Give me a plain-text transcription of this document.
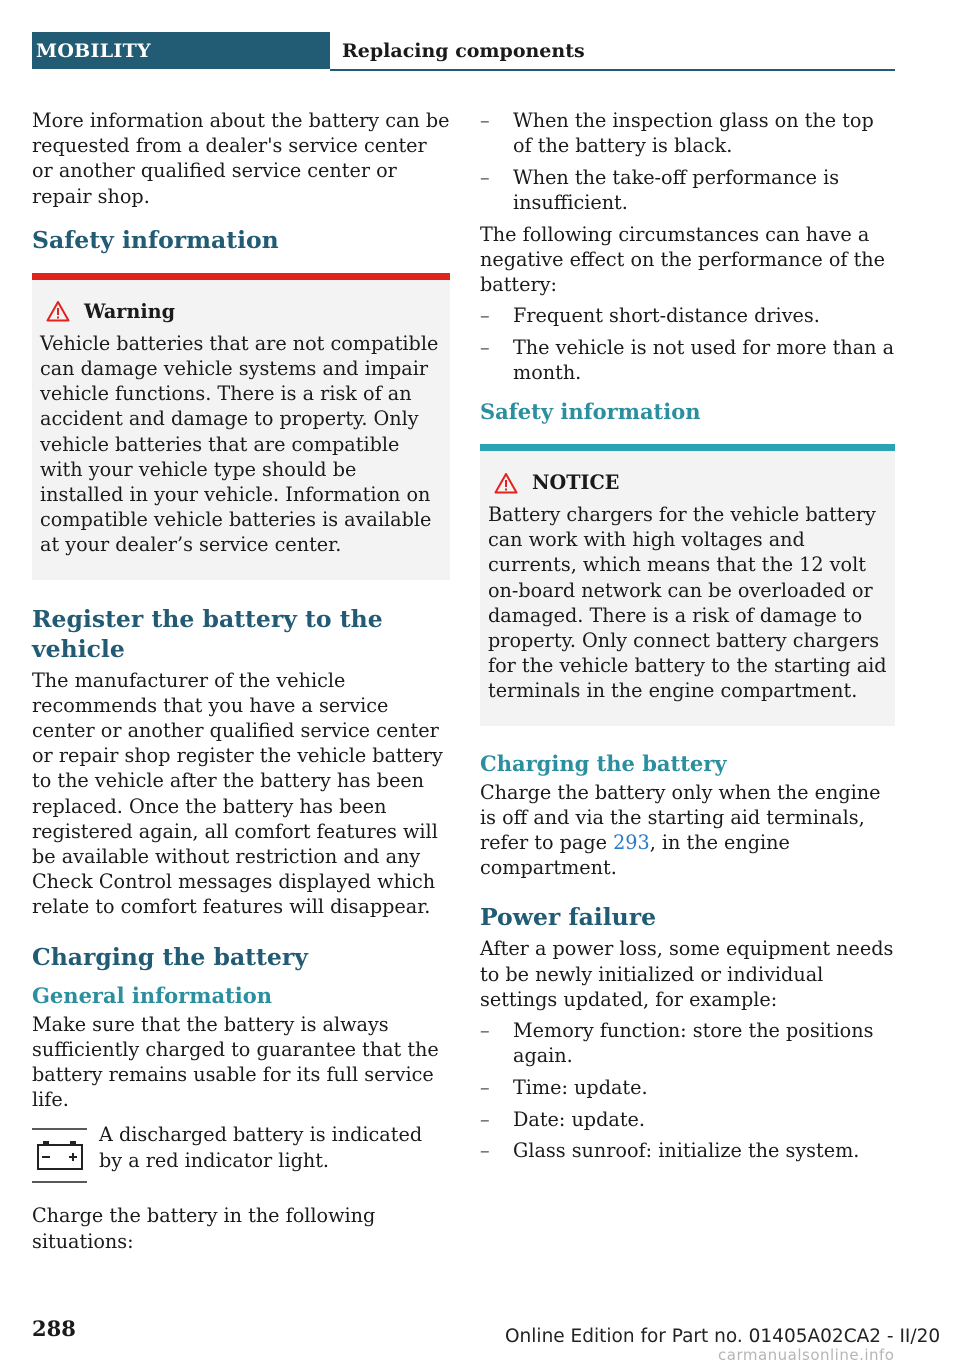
MOBILITY	Replacing components

More information about the battery can be requested from a dealer's service center or another qualified service center or repair shop.

Safety information
Warning

Vehicle batteries that are not compatible can damage vehicle systems and impair vehicle functions. There is a risk of an accident and damage to property. Only vehicle batteries that are compatible with your vehicle type should be installed in your vehicle. Information on compatible vehicle batteries is available at your dealer’s service center.

Register the battery to the vehicle

The manufacturer of the vehicle recommends that you have a service center or another qualified service center or repair shop register the vehicle battery to the vehicle after the battery has been replaced. Once the battery has been registered again, all comfort features will be available without restriction and any Check Control messages displayed which relate to comfort features will disappear.

Charging the battery
General information

Make sure that the battery is always sufficiently charged to guarantee that the battery remains usable for its full service life.

A discharged battery is indicated by a red indicator light.

Charge the battery in the following situations:

– When the inspection glass on the top of the battery is black.
– When the take-off performance is insufficient.

The following circumstances can have a negative effect on the performance of the battery:

– Frequent short-distance drives.
– The vehicle is not used for more than a month.
Safety information
NOTICE

Battery chargers for the vehicle battery can work with high voltages and currents, which means that the 12 volt on-board network can be overloaded or damaged. There is a risk of damage to property. Only connect battery chargers for the vehicle battery to the starting aid terminals in the engine compartment.

Charging the battery

Charge the battery only when the engine is off and via the starting aid terminals, refer to page 293, in the engine compartment.

Power failure

After a power loss, some equipment needs to be newly initialized or individual settings updated, for example:

– Memory function: store the positions again.
– Time: update.
– Date: update.
– Glass sunroof: initialize the system.
288	Online Edition for Part no. 01405A02CA2 - II/20
carmanualsonline.info
